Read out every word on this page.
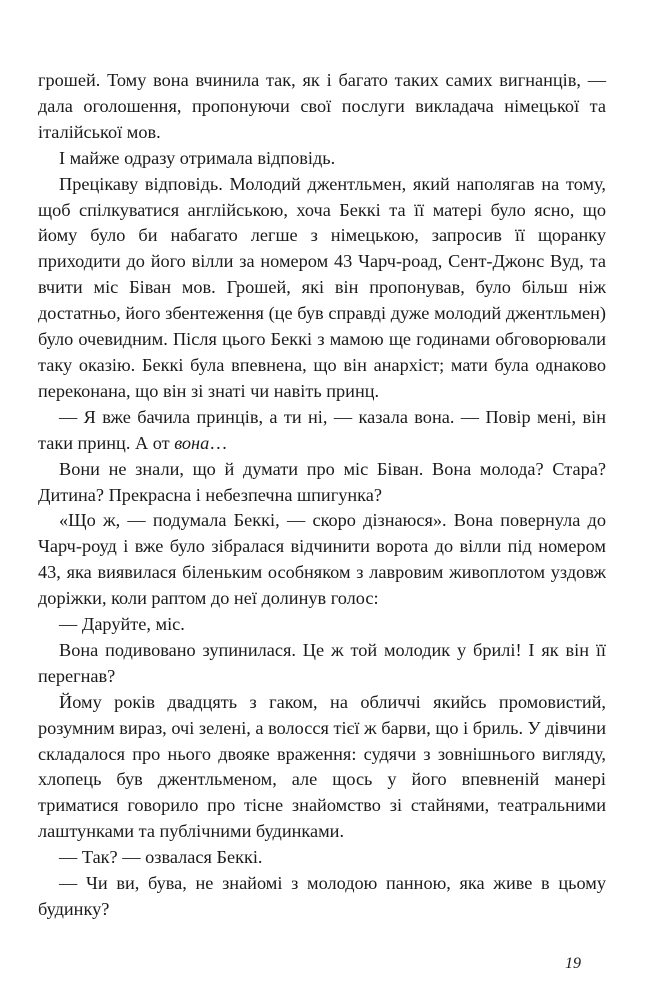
грошей. Тому вона вчинила так, як і багато таких самих вигнанців, — дала оголошення, пропонуючи свої послуги викладача німецької та італійської мов.

І майже одразу отримала відповідь.

Прецікаву відповідь. Молодий джентльмен, який наполягав на тому, щоб спілкуватися англійською, хоча Беккі та її матері було ясно, що йому було би набагато легше з німецькою, запросив її щоранку приходити до його вілли за номером 43 Чарч-роад, Сент-Джонс Вуд, та вчити міс Біван мов. Грошей, які він пропонував, було більш ніж достатньо, його збентеження (це був справді дуже молодий джентльмен) було очевидним. Після цього Беккі з мамою ще годинами обговорювали таку оказію. Беккі була впевнена, що він анархіст; мати була однаково переконана, що він зі знаті чи навіть принц.

— Я вже бачила принців, а ти ні, — казала вона. — Повір мені, він таки принц. А от вона…

Вони не знали, що й думати про міс Біван. Вона молода? Стара? Дитина? Прекрасна і небезпечна шпигунка?

«Що ж, — подумала Беккі, — скоро дізнаюся». Вона повернула до Чарч-роуд і вже було зібралася відчинити ворота до вілли під номером 43, яка виявилася біленьким особняком з лавровим живоплотом уздовж доріжки, коли раптом до неї долинув голос:

— Даруйте, міс.

Вона подивовано зупинилася. Це ж той молодик у брилі! І як він її перегнав?

Йому років двадцять з гаком, на обличчі якийсь промовистий, розумним вираз, очі зелені, а волосся тієї ж барви, що і бриль. У дівчини складалося про нього двояке враження: судячи з зовнішнього вигляду, хлопець був джентльменом, але щось у його впевненій манері триматися говорило про тісне знайомство зі стайнями, театральними лаштунками та публічними будинками.

— Так? — озвалася Беккі.

— Чи ви, бува, не знайомі з молодою панною, яка живе в цьому будинку?

19
